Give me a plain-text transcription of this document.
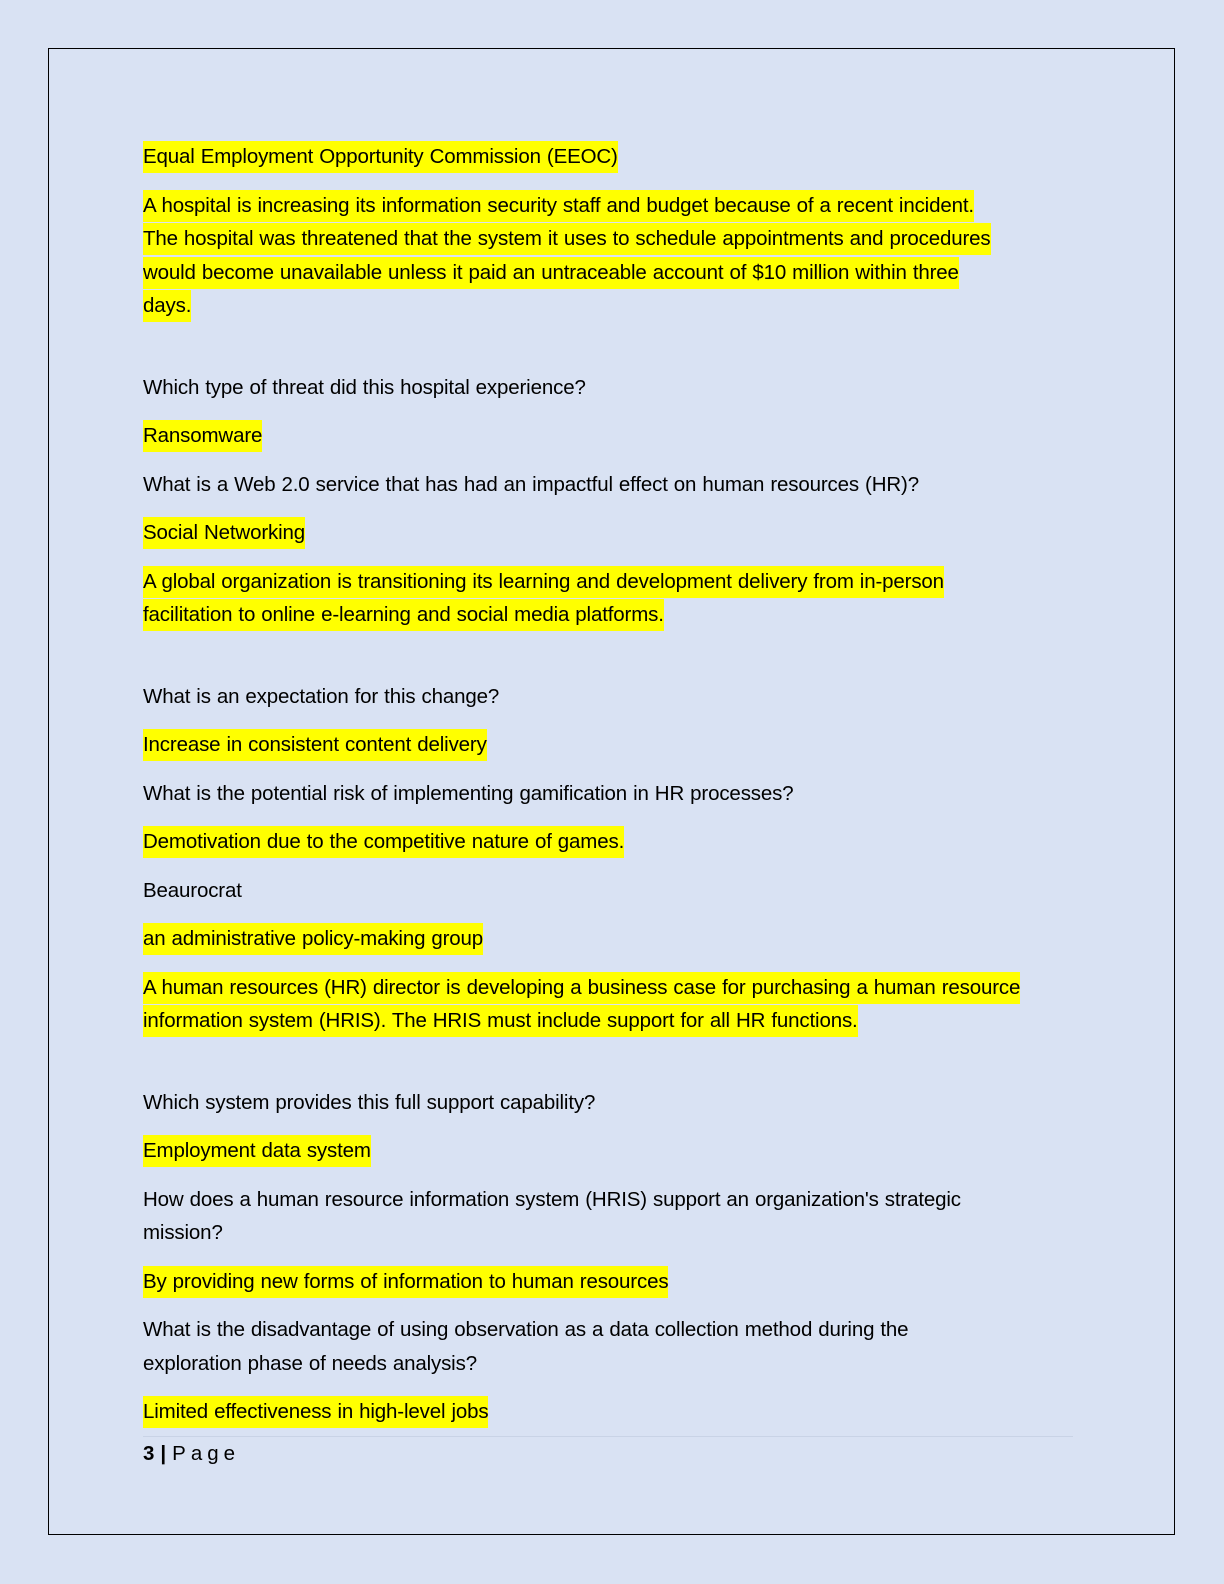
Equal Employment Opportunity Commission (EEOC)

A hospital is increasing its information security staff and budget because of a recent incident.
The hospital was threatened that the system it uses to schedule appointments and procedures
would become unavailable unless it paid an untraceable account of $10 million within three
days.

Which type of threat did this hospital experience?

Ransomware

What is a Web 2.0 service that has had an impactful effect on human resources (HR)?

Social Networking

A global organization is transitioning its learning and development delivery from in-person
facilitation to online e-learning and social media platforms.

What is an expectation for this change?

Increase in consistent content delivery

What is the potential risk of implementing gamification in HR processes?

Demotivation due to the competitive nature of games.

Beaurocrat

an administrative policy-making group

A human resources (HR) director is developing a business case for purchasing a human resource
information system (HRIS). The HRIS must include support for all HR functions.

Which system provides this full support capability?

Employment data system

How does a human resource information system (HRIS) support an organization's strategic
mission?

By providing new forms of information to human resources

What is the disadvantage of using observation as a data collection method during the
exploration phase of needs analysis?

Limited effectiveness in high-level jobs

3 | Page
